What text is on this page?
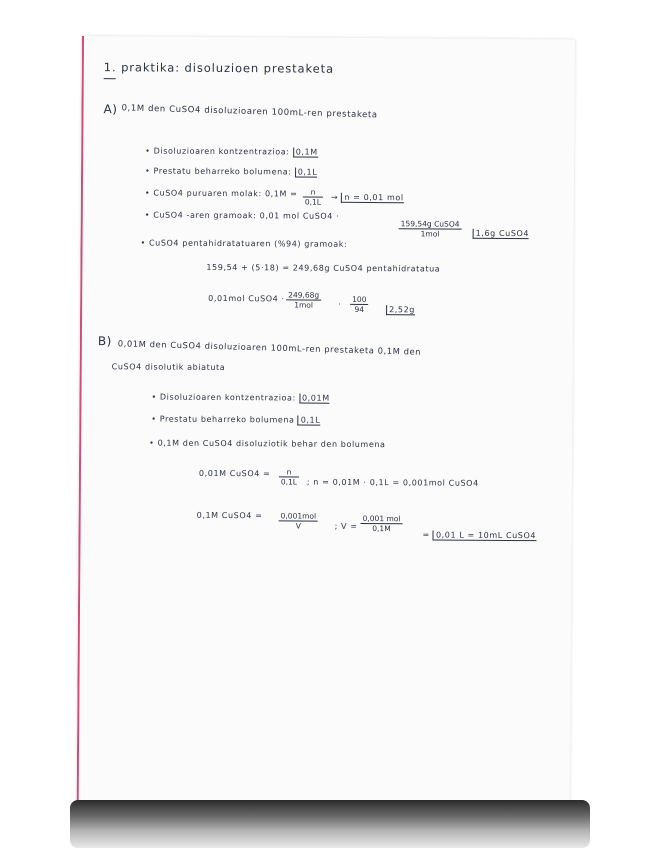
1. praktika: disoluzioen prestaketa
A) 0,1M den CuSO4 disoluzioaren 100mL-ren prestaketa
• Disoluzioaren kontzentrazioa: 0,1M
• Prestatu beharreko bolumena: 0,1L
• CuSO4 puruaren molak: $0,1M = \frac{n}{0,1L} \to n = 0,01$ mol
• CuSO4 -aren gramoak: 0,01 mol CuSO4 ·
159,54g CuSO4
1mol	1,6g CuSO4
• CuSO4 pentahidratatuaren (%94) gramoak:
159,54 + (5·18) = 249,68g CuSO4 pentahidratatua
0,01mol CuSO4 · 249,68g
1mol	· $\frac{100}{94}$	2,52g
B) 0,01M den CuSO4 disoluzioaren 100mL-ren prestaketa 0,1M den
CuSO4 disolutik abiatuta
• Disoluzioaren kontzentrazioa: 0,01M
• Prestatu beharreko bolumena 0,1L
• 0,1M den CuSO4 disoluziotik behar den bolumena
0,01M CuSO4 = $\frac{n}{0,1L}$ ; n = 0,01M · 0,1L = 0,001mol CuSO4
0,1M CuSO4 = 0,001mol
V	; V =
0,001 mol
0,1M
= 0,01 L = 10mL CuSO4
